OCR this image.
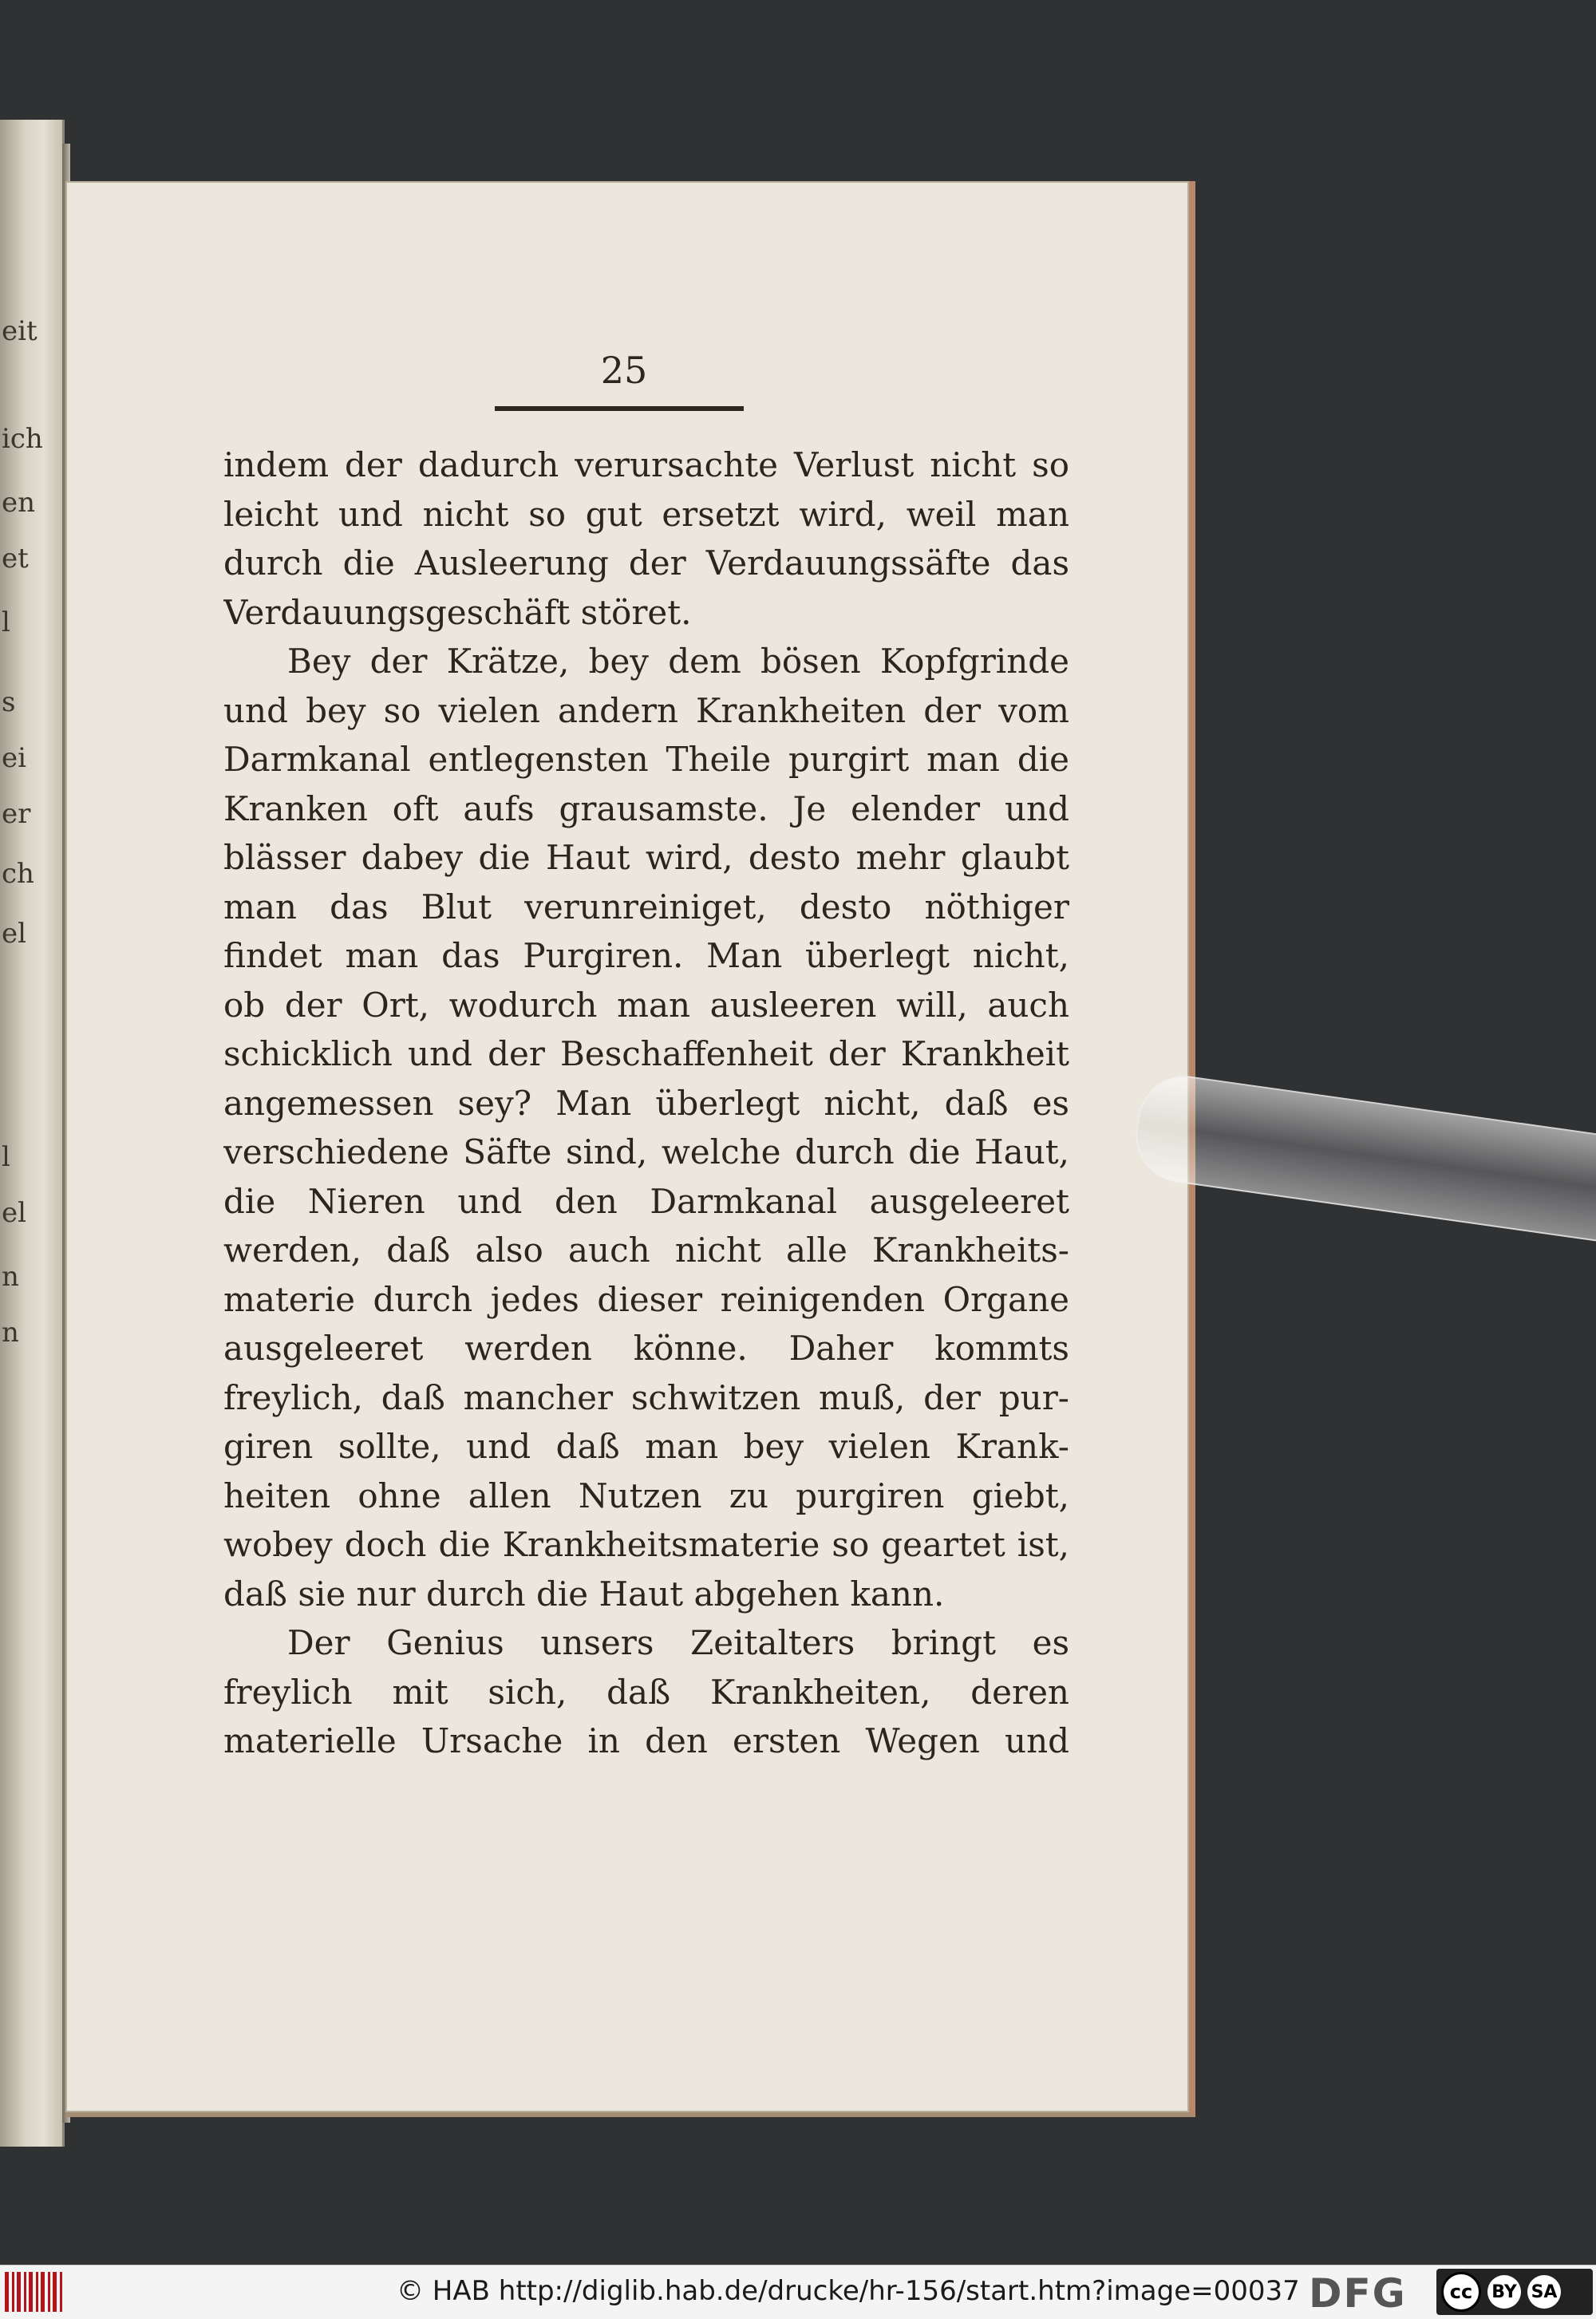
eit
ich
en
et
l
s
ei
er
ch
el
l
el
n
n
25
indem der dadurch verursachte Verlust nicht so
leicht und nicht so gut ersetzt wird, weil man
durch die Ausleerung der Verdauungssäfte das
Verdauungsgeschäft störet.
Bey der Krätze, bey dem bösen Kopfgrinde
und bey so vielen andern Krankheiten der vom
Darmkanal entlegensten Theile purgirt man die
Kranken oft aufs grausamste. Je elender und
blässer dabey die Haut wird, desto mehr glaubt
man das Blut verunreiniget, desto nöthiger
findet man das Purgiren. Man überlegt nicht,
ob der Ort, wodurch man ausleeren will, auch
schicklich und der Beschaffenheit der Krankheit
angemessen sey? Man überlegt nicht, daß es
verschiedene Säfte sind, welche durch die Haut,
die Nieren und den Darmkanal ausgeleeret
werden, daß also auch nicht alle Krankheits-
materie durch jedes dieser reinigenden Organe
ausgeleeret werden könne. Daher kommts
freylich, daß mancher schwitzen muß, der pur-
giren sollte, und daß man bey vielen Krank-
heiten ohne allen Nutzen zu purgiren giebt,
wobey doch die Krankheitsmaterie so geartet ist,
daß sie nur durch die Haut abgehen kann.
Der Genius unsers Zeitalters bringt es
freylich mit sich, daß Krankheiten, deren
materielle Ursache in den ersten Wegen und
© HAB http://diglib.hab.de/drucke/hr-156/start.htm?image=00037 DFG	cc	BY SA
